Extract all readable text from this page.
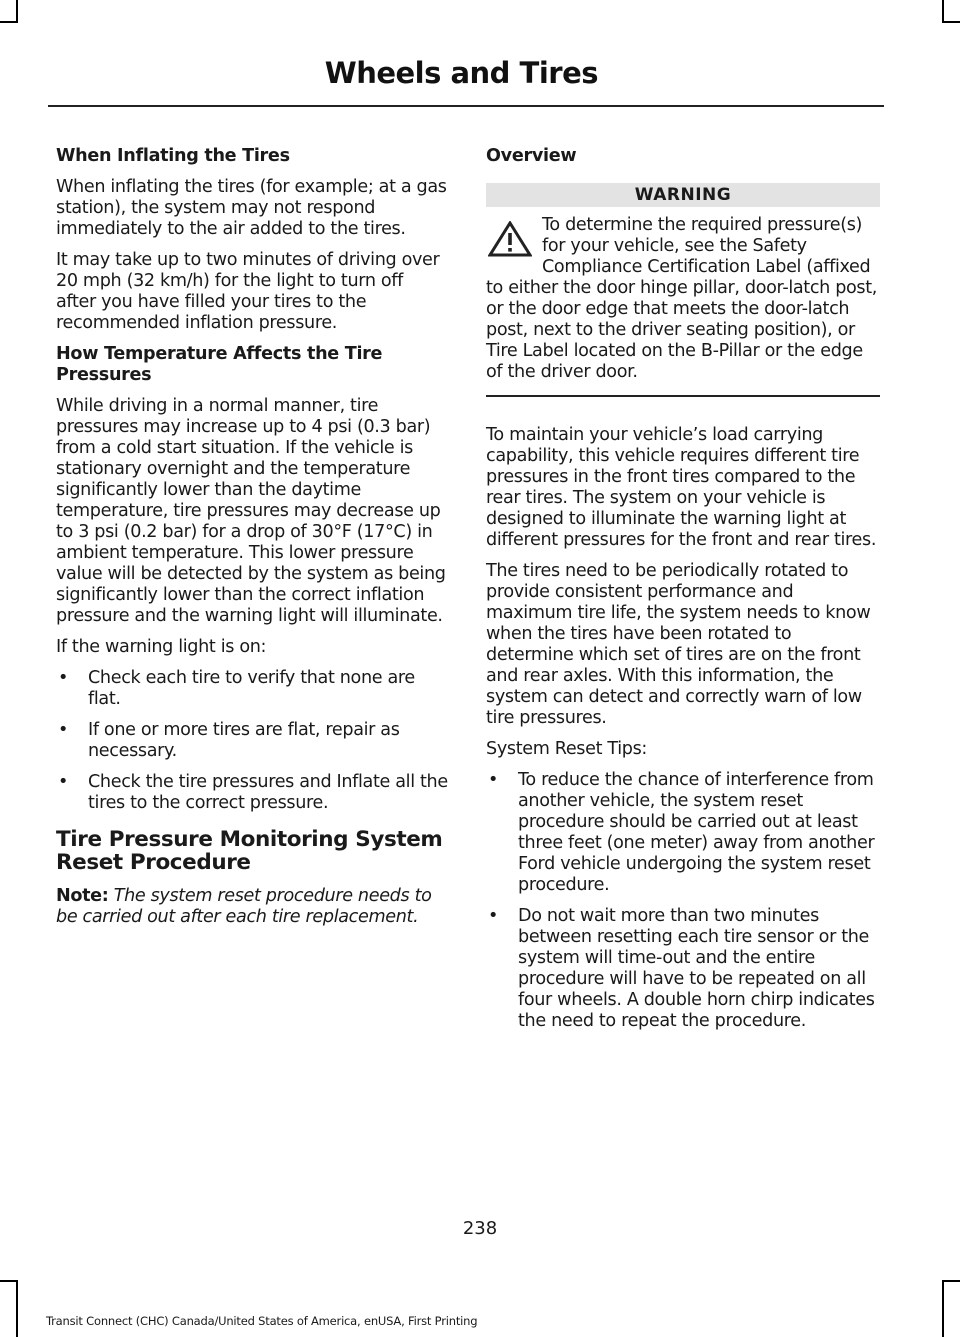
Wheels and Tires
When Inflating the Tires

When inflating the tires (for example; at a gas station), the system may not respond immediately to the air added to the tires.

It may take up to two minutes of driving over 20 mph (32 km/h) for the light to turn off after you have filled your tires to the recommended inflation pressure.

How Temperature Affects the Tire Pressures

While driving in a normal manner, tire pressures may increase up to 4 psi (0.3 bar) from a cold start situation. If the vehicle is stationary overnight and the temperature significantly lower than the daytime temperature, tire pressures may decrease up to 3 psi (0.2 bar) for a drop of 30°F (17°C) in ambient temperature. This lower pressure value will be detected by the system as being significantly lower than the correct inflation pressure and the warning light will illuminate.

If the warning light is on:

• Check each tire to verify that none are flat.
• If one or more tires are flat, repair as necessary.
• Check the tire pressures and Inflate all the tires to the correct pressure.
Tire Pressure Monitoring System Reset Procedure

Note: The system reset procedure needs to be carried out after each tire replacement.

Overview
WARNING

To determine the required pressure(s) for your vehicle, see the Safety Compliance Certification Label (affixed to either the door hinge pillar, door-latch post, or the door edge that meets the door-latch post, next to the driver seating position), or Tire Label located on the B-Pillar or the edge of the driver door.

To maintain your vehicle’s load carrying capability, this vehicle requires different tire pressures in the front tires compared to the rear tires. The system on your vehicle is designed to illuminate the warning light at different pressures for the front and rear tires.

The tires need to be periodically rotated to provide consistent performance and maximum tire life, the system needs to know when the tires have been rotated to determine which set of tires are on the front and rear axles. With this information, the system can detect and correctly warn of low tire pressures.

System Reset Tips:

• To reduce the chance of interference from another vehicle, the system reset procedure should be carried out at least three feet (one meter) away from another Ford vehicle undergoing the system reset procedure.
• Do not wait more than two minutes between resetting each tire sensor or the system will time-out and the entire procedure will have to be repeated on all four wheels. A double horn chirp indicates the need to repeat the procedure.
238
Transit Connect (CHC) Canada/United States of America, enUSA, First Printing
